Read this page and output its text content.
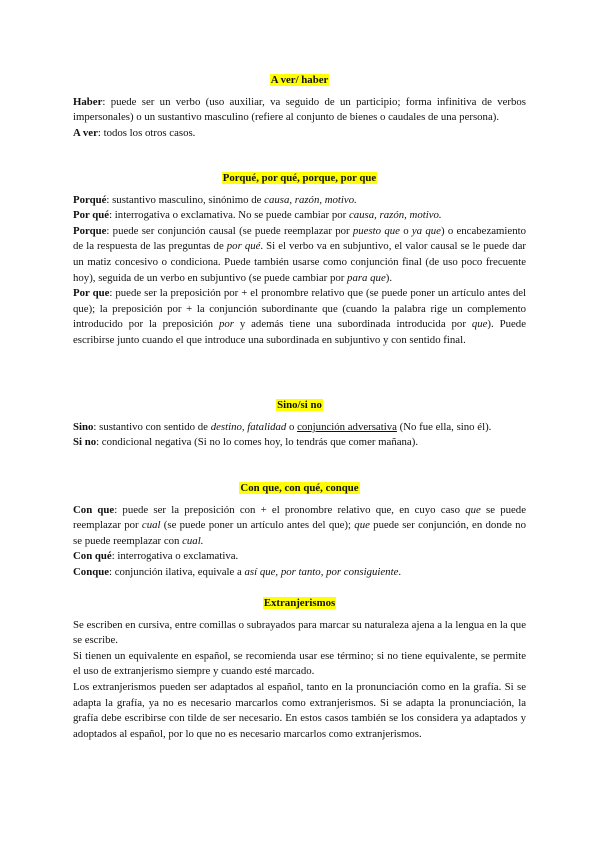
A ver/ haber

Haber: puede ser un verbo (uso auxiliar, va seguido de un participio; forma infinitiva de verbos impersonales) o un sustantivo masculino (refiere al conjunto de bienes o caudales de una persona).

A ver: todos los otros casos.

Porqué, por qué, porque, por que

Porqué: sustantivo masculino, sinónimo de causa, razón, motivo.

Por qué: interrogativa o exclamativa. No se puede cambiar por causa, razón, motivo.

Porque: puede ser conjunción causal (se puede reemplazar por puesto que o ya que) o encabezamiento de la respuesta de las preguntas de por qué. Si el verbo va en subjuntivo, el valor causal se le puede dar un matiz concesivo o condiciona. Puede también usarse como conjunción final (de uso poco frecuente hoy), seguida de un verbo en subjuntivo (se puede cambiar por para que).

Por que: puede ser la preposición por + el pronombre relativo que (se puede poner un artículo antes del que); la preposición por + la conjunción subordinante que (cuando la palabra rige un complemento introducido por la preposición por y además tiene una subordinada introducida por que). Puede escribirse junto cuando el que introduce una subordinada en subjuntivo y con sentido final.

Sino/si no

Sino: sustantivo con sentido de destino, fatalidad o conjunción adversativa (No fue ella, sino él).

Si no: condicional negativa (Si no lo comes hoy, lo tendrás que comer mañana).

Con que, con qué, conque

Con que: puede ser la preposición con + el pronombre relativo que, en cuyo caso que se puede reemplazar por cual (se puede poner un artículo antes del que); que puede ser conjunción, en donde no se puede reemplazar con cual.

Con qué: interrogativa o exclamativa.

Conque: conjunción ilativa, equivale a así que, por tanto, por consiguiente.

Extranjerismos

Se escriben en cursiva, entre comillas o subrayados para marcar su naturaleza ajena a la lengua en la que se escribe.

Si tienen un equivalente en español, se recomienda usar ese término; si no tiene equivalente, se permite el uso de extranjerismo siempre y cuando esté marcado.

Los extranjerismos pueden ser adaptados al español, tanto en la pronunciación como en la grafía. Si se adapta la grafía, ya no es necesario marcarlos como extranjerismos. Si se adapta la pronunciación, la grafía debe escribirse con tilde de ser necesario. En estos casos también se los considera ya adaptados y adoptados al español, por lo que no es necesario marcarlos como extranjerismos.
